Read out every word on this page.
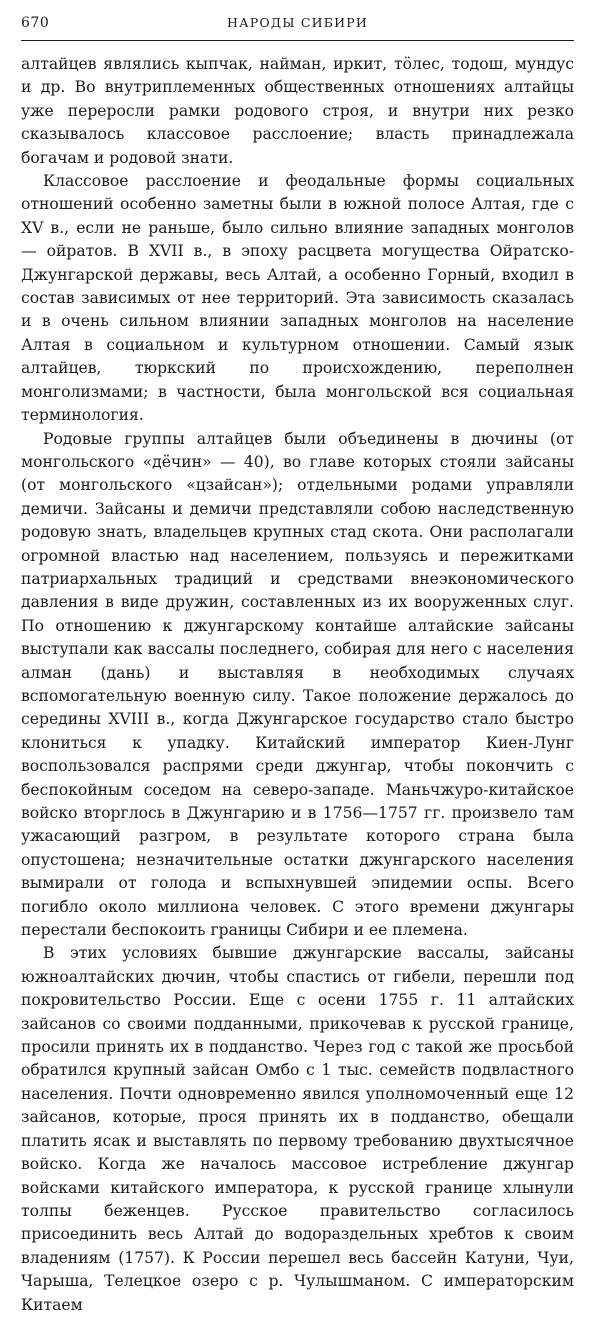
670	НАРОДЫ СИБИРИ

алтайцев являлись кыпчак, найман, иркит, тöлес, тодош, мундус и др. Во внутриплеменных общественных отношениях алтайцы уже переросли рамки родового строя, и внутри них резко сказывалось классовое расслоение; власть принадлежала богачам и родовой знати.

Классовое расслоение и феодальные формы социальных отношений особенно заметны были в южной полосе Алтая, где с XV в., если не раньше, было сильно влияние западных монголов — ойратов. В XVII в., в эпоху расцвета могущества Ойратско-Джунгарской державы, весь Алтай, а особенно Горный, входил в состав зависимых от нее территорий. Эта зависимость сказалась и в очень сильном влиянии западных монголов на население Алтая в социальном и культурном отношении. Самый язык алтайцев, тюркский по происхождению, переполнен монголизмами; в частности, была монгольской вся социальная терминология.

Родовые группы алтайцев были объединены в дючины (от монгольского «дёчин» — 40), во главе которых стояли зайсаны (от монгольского «цзайсан»); отдельными родами управляли демичи. Зайсаны и демичи представляли собою наследственную родовую знать, владельцев крупных стад скота. Они располагали огромной властью над населением, пользуясь и пережитками патриархальных традиций и средствами внеэкономического давления в виде дружин, составленных из их вооруженных слуг. По отношению к джунгарскому контайше алтайские зайсаны выступали как вассалы последнего, собирая для него с населения алман (дань) и выставляя в необходимых случаях вспомогательную военную силу. Такое положение держалось до середины XVIII в., когда Джунгарское государство стало быстро клониться к упадку. Китайский император Киен-Лунг воспользовался распрями среди джунгар, чтобы покончить с беспокойным соседом на северо-западе. Маньчжуро-китайское войско вторглось в Джунгарию и в 1756—1757 гг. произвело там ужасающий разгром, в результате которого страна была опустошена; незначительные остатки джунгарского населения вымирали от голода и вспыхнувшей эпидемии оспы. Всего погибло около миллиона человек. С этого времени джунгары перестали беспокоить границы Сибири и ее племена.

В этих условиях бывшие джунгарские вассалы, зайсаны южноалтайских дючин, чтобы спастись от гибели, перешли под покровительство России. Еще с осени 1755 г. 11 алтайских зайсанов со своими подданными, прикочевав к русской границе, просили принять их в подданство. Через год с такой же просьбой обратился крупный зайсан Омбо с 1 тыс. семейств подвластного населения. Почти одновременно явился уполномоченный еще 12 зайсанов, которые, прося принять их в подданство, обещали платить ясак и выставлять по первому требованию двухтысячное войско. Когда же началось массовое истребление джунгар войсками китайского императора, к русской границе хлынули толпы беженцев. Русское правительство согласилось присоединить весь Алтай до водораздельных хребтов к своим владениям (1757). К России перешел весь бассейн Катуни, Чуи, Чарыша, Телецкое озеро с р. Чулышманом. С императорским Китаем
